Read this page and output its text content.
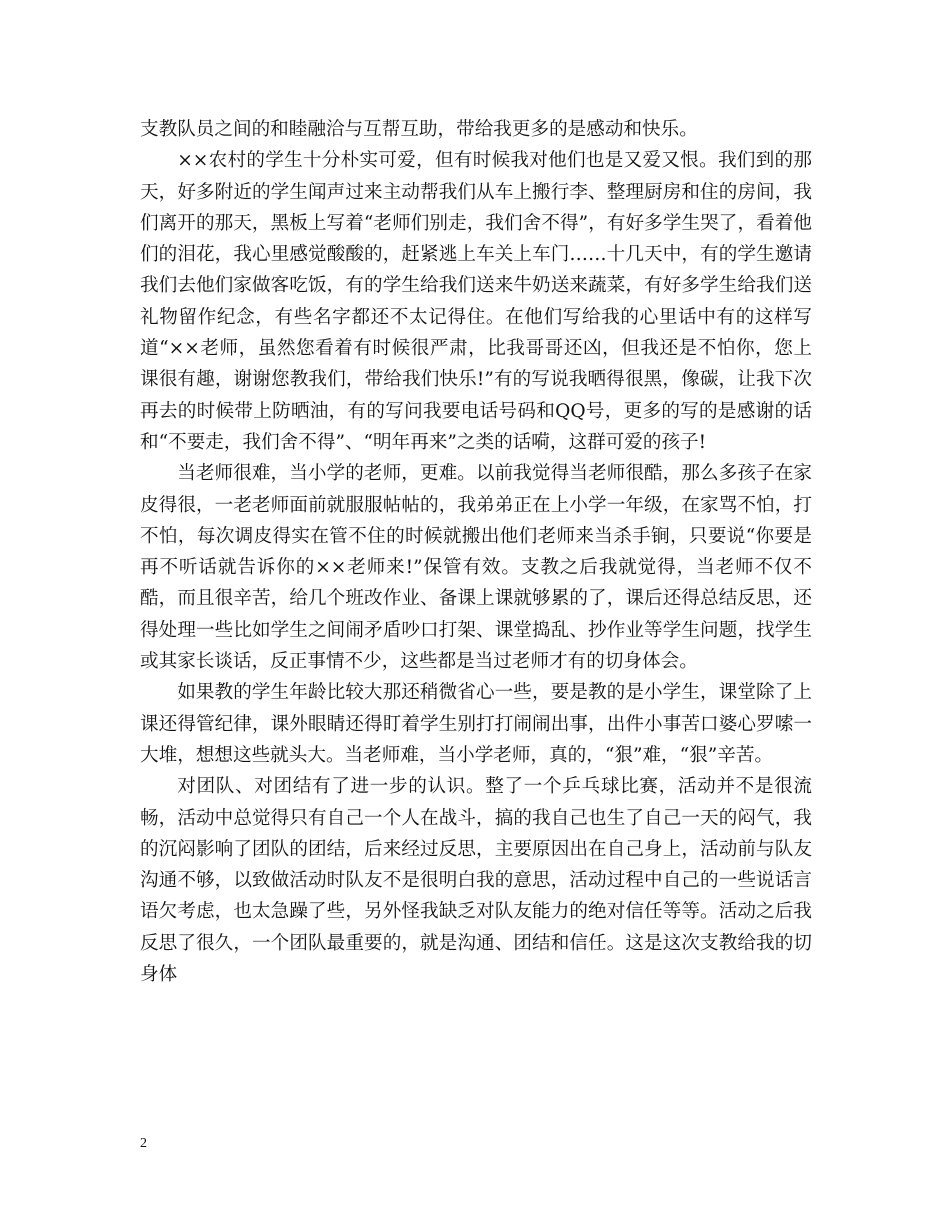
支教队员之间的和睦融洽与互帮互助，带给我更多的是感动和快乐。

××农村的学生十分朴实可爱，但有时候我对他们也是又爱又恨。我们到的那天，好多附近的学生闻声过来主动帮我们从车上搬行李、整理厨房和住的房间，我们离开的那天，黑板上写着“老师们别走，我们舍不得”，有好多学生哭了，看着他们的泪花，我心里感觉酸酸的，赶紧逃上车关上车门……十几天中，有的学生邀请我们去他们家做客吃饭，有的学生给我们送来牛奶送来蔬菜，有好多学生给我们送礼物留作纪念，有些名字都还不太记得住。在他们写给我的心里话中有的这样写道“××老师，虽然您看着有时候很严肃，比我哥哥还凶，但我还是不怕你，您上课很有趣，谢谢您教我们，带给我们快乐!”有的写说我晒得很黑，像碳，让我下次再去的时候带上防晒油，有的写问我要电话号码和QQ号，更多的写的是感谢的话和“不要走，我们舍不得”、“明年再来”之类的话嗬，这群可爱的孩子!

当老师很难，当小学的老师，更难。以前我觉得当老师很酷，那么多孩子在家皮得很，一老老师面前就服服帖帖的，我弟弟正在上小学一年级，在家骂不怕，打不怕，每次调皮得实在管不住的时候就搬出他们老师来当杀手锏，只要说“你要是再不听话就告诉你的××老师来!”保管有效。支教之后我就觉得，当老师不仅不酷，而且很辛苦，给几个班改作业、备课上课就够累的了，课后还得总结反思，还得处理一些比如学生之间闹矛盾吵口打架、课堂捣乱、抄作业等学生问题，找学生或其家长谈话，反正事情不少，这些都是当过老师才有的切身体会。

如果教的学生年龄比较大那还稍微省心一些，要是教的是小学生，课堂除了上课还得管纪律，课外眼睛还得盯着学生别打打闹闹出事，出件小事苦口婆心罗嗦一大堆，想想这些就头大。当老师难，当小学老师，真的，“狠”难，“狠”辛苦。

对团队、对团结有了进一步的认识。整了一个乒乓球比赛，活动并不是很流畅，活动中总觉得只有自己一个人在战斗，搞的我自己也生了自己一天的闷气，我的沉闷影响了团队的团结，后来经过反思，主要原因出在自己身上，活动前与队友沟通不够，以致做活动时队友不是很明白我的意思，活动过程中自己的一些说话言语欠考虑，也太急躁了些，另外怪我缺乏对队友能力的绝对信任等等。活动之后我反思了很久，一个团队最重要的，就是沟通、团结和信任。这是这次支教给我的切身体

2
